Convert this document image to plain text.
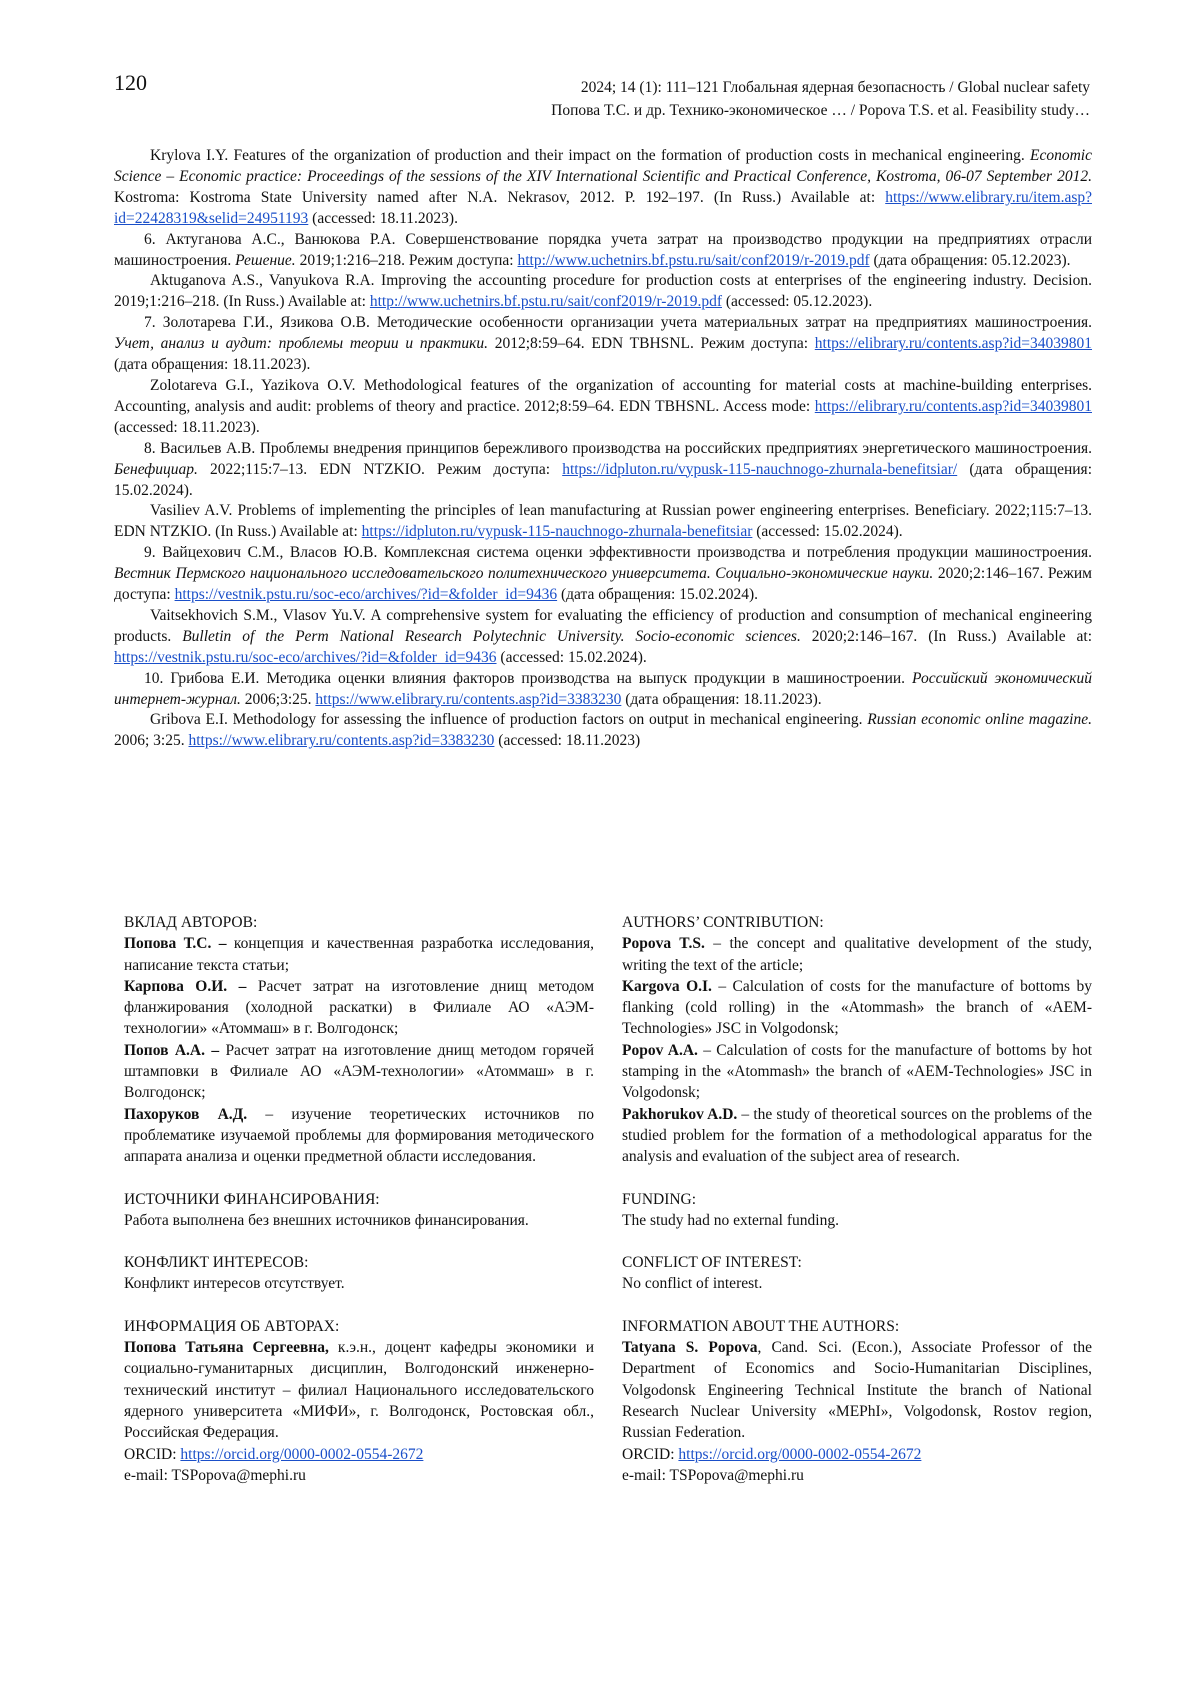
120	2024; 14 (1): 111–121 Глобальная ядерная безопасность / Global nuclear safety
Попова Т.С. и др. Технико-экономическое … / Popova T.S. et al. Feasibility study…

Krylova I.Y. Features of the organization of production and their impact on the formation of production costs in mechanical engineering. Economic Science – Economic practice: Proceedings of the sessions of the XIV International Scientific and Practical Conference, Kostroma, 06-07 September 2012. Kostroma: Kostroma State University named after N.A. Nekrasov, 2012. P. 192–197. (In Russ.) Available at: https://www.elibrary.ru/item.asp?id=22428319&selid=24951193 (accessed: 18.11.2023).

6. Актуганова А.С., Ванюкова Р.А. Совершенствование порядка учета затрат на производство продукции на предприятиях отрасли машиностроения. Решение. 2019;1:216–218. Режим доступа: http://www.uchetnirs.bf.pstu.ru/sait/conf2019/r-2019.pdf (дата обращения: 05.12.2023).

Aktuganova A.S., Vanyukova R.A. Improving the accounting procedure for production costs at enterprises of the engineering industry. Decision. 2019;1:216–218. (In Russ.) Available at: http://www.uchetnirs.bf.pstu.ru/sait/conf2019/r-2019.pdf (accessed: 05.12.2023).

7. Золотарева Г.И., Язикова О.В. Методические особенности организации учета материальных затрат на предприятиях машиностроения. Учет, анализ и аудит: проблемы теории и практики. 2012;8:59–64. EDN TBHSNL. Режим доступа: https://elibrary.ru/contents.asp?id=34039801 (дата обращения: 18.11.2023).

Zolotareva G.I., Yazikova O.V. Methodological features of the organization of accounting for material costs at machine-building enterprises. Accounting, analysis and audit: problems of theory and practice. 2012;8:59–64. EDN TBHSNL. Access mode: https://elibrary.ru/contents.asp?id=34039801 (accessed: 18.11.2023).

8. Васильев А.В. Проблемы внедрения принципов бережливого производства на российских предприятиях энергетического машиностроения. Бенефициар. 2022;115:7–13. EDN NTZKIO. Режим доступа: https://idpluton.ru/vypusk-115-nauchnogo-zhurnala-benefitsiar/ (дата обращения: 15.02.2024).

Vasiliev A.V. Problems of implementing the principles of lean manufacturing at Russian power engineering enterprises. Beneficiary. 2022;115:7–13. EDN NTZKIO. (In Russ.) Available at: https://idpluton.ru/vypusk-115-nauchnogo-zhurnala-benefitsiar (accessed: 15.02.2024).

9. Вайцехович С.М., Власов Ю.В. Комплексная система оценки эффективности производства и потребления продукции машиностроения. Вестник Пермского национального исследовательского политехнического университета. Социально-экономические науки. 2020;2:146–167. Режим доступа: https://vestnik.pstu.ru/soc-eco/archives/?id=&folder_id=9436 (дата обращения: 15.02.2024).

Vaitsekhovich S.M., Vlasov Yu.V. A comprehensive system for evaluating the efficiency of production and consumption of mechanical engineering products. Bulletin of the Perm National Research Polytechnic University. Socio-economic sciences. 2020;2:146–167. (In Russ.) Available at: https://vestnik.pstu.ru/soc-eco/archives/?id=&folder_id=9436 (accessed: 15.02.2024).

10. Грибова Е.И. Методика оценки влияния факторов производства на выпуск продукции в машиностроении. Российский экономический интернет-журнал. 2006;3:25. https://www.elibrary.ru/contents.asp?id=3383230 (дата обращения: 18.11.2023).

Gribova E.I. Methodology for assessing the influence of production factors on output in mechanical engineering. Russian economic online magazine. 2006; 3:25. https://www.elibrary.ru/contents.asp?id=3383230 (accessed: 18.11.2023)

ВКЛАД АВТОРОВ:

Попова Т.С. – концепция и качественная разработка исследования, написание текста статьи;

Карпова О.И. – Расчет затрат на изготовление днищ методом фланжирования (холодной раскатки) в Филиале АО «АЭМ-технологии» «Атоммаш» в г. Волгодонск;

Попов А.А. – Расчет затрат на изготовление днищ методом горячей штамповки в Филиале АО «АЭМ-технологии» «Атоммаш» в г. Волгодонск;

Пахоруков А.Д. – изучение теоретических источников по проблематике изучаемой проблемы для формирования методического аппарата анализа и оценки предметной области исследования.

ИСТОЧНИКИ ФИНАНСИРОВАНИЯ:

Работа выполнена без внешних источников финансирования.

КОНФЛИКТ ИНТЕРЕСОВ:

Конфликт интересов отсутствует.

ИНФОРМАЦИЯ ОБ АВТОРАХ:

Попова Татьяна Сергеевна, к.э.н., доцент кафедры экономики и социально-гуманитарных дисциплин, Волгодонский инженерно-технический институт – филиал Национального исследовательского ядерного университета «МИФИ», г. Волгодонск, Ростовская обл., Российская Федерация.

ORCID: https://orcid.org/0000-0002-0554-2672

e-mail: TSPopova@mephi.ru

AUTHORS’ CONTRIBUTION:

Popova T.S. – the concept and qualitative development of the study, writing the text of the article;

Kargova O.I. – Calculation of costs for the manufacture of bottoms by flanking (cold rolling) in the «Atommash» the branch of «AEM-Technologies» JSC in Volgodonsk;

Popov A.A. – Calculation of costs for the manufacture of bottoms by hot stamping in the «Atommash» the branch of «AEM-Technologies» JSC in Volgodonsk;

Pakhorukov A.D. – the study of theoretical sources on the problems of the studied problem for the formation of a methodological apparatus for the analysis and evaluation of the subject area of research.

FUNDING:

The study had no external funding.

CONFLICT OF INTEREST:

No conflict of interest.

INFORMATION ABOUT THE AUTHORS:

Tatyana S. Popova, Cand. Sci. (Econ.), Associate Professor of the Department of Economics and Socio-Humanitarian Disciplines, Volgodonsk Engineering Technical Institute the branch of National Research Nuclear University «MEPhI», Volgodonsk, Rostov region, Russian Federation.

ORCID: https://orcid.org/0000-0002-0554-2672

e-mail: TSPopova@mephi.ru
